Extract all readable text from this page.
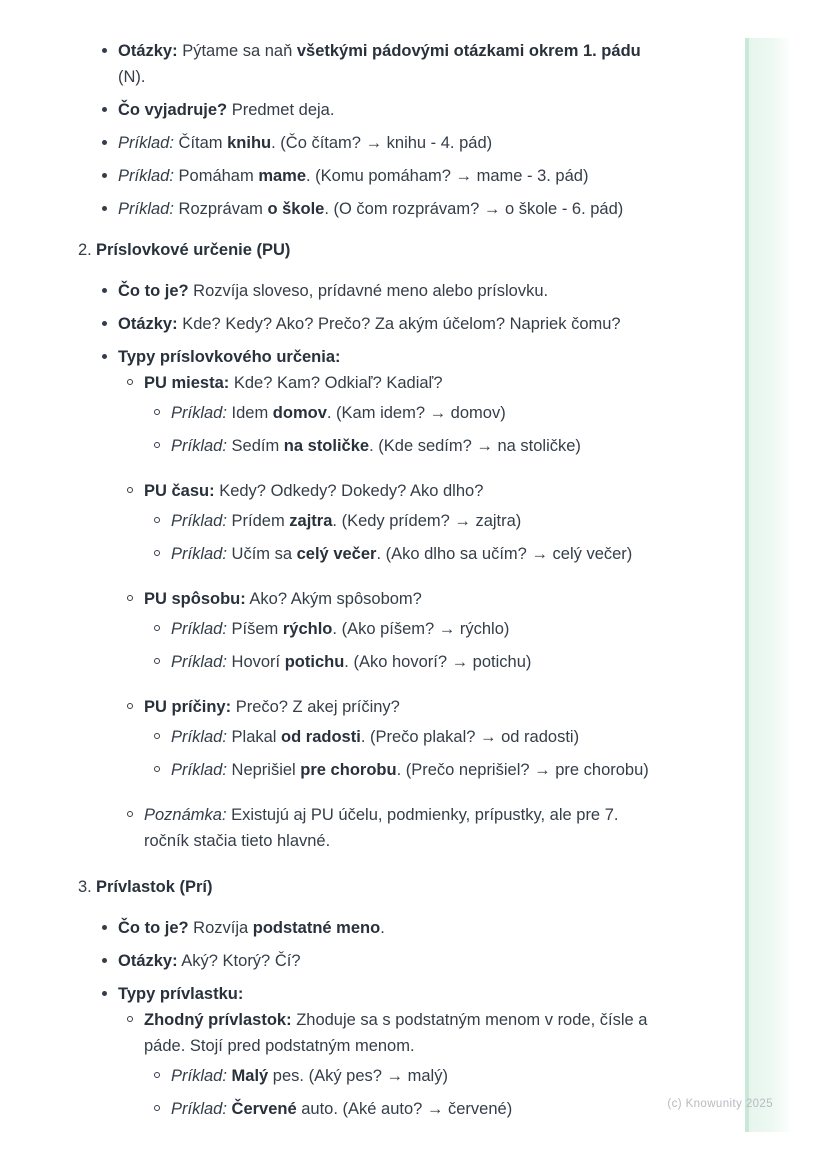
Otázky: Pýtame sa naň všetkými pádovými otázkami okrem 1. pádu
(N).
Čo vyjadruje? Predmet deja.
Príklad: Čítam knihu. (Čo čítam? → knihu - 4. pád)
Príklad: Pomáham mame. (Komu pomáham? → mame - 3. pád)
Príklad: Rozprávam o škole. (O čom rozprávam? → o škole - 6. pád)
2. Príslovkové určenie (PU)
Čo to je? Rozvíja sloveso, prídavné meno alebo príslovku.
Otázky: Kde? Kedy? Ako? Prečo? Za akým účelom? Napriek čomu?
Typy príslovkového určenia:
PU miesta: Kde? Kam? Odkiaľ? Kadiaľ?
Príklad: Idem domov. (Kam idem? → domov)
Príklad: Sedím na stoličke. (Kde sedím? → na stoličke)
PU času: Kedy? Odkedy? Dokedy? Ako dlho?
Príklad: Prídem zajtra. (Kedy prídem? → zajtra)
Príklad: Učím sa celý večer. (Ako dlho sa učím? → celý večer)
PU spôsobu: Ako? Akým spôsobom?
Príklad: Píšem rýchlo. (Ako píšem? → rýchlo)
Príklad: Hovorí potichu. (Ako hovorí? → potichu)
PU príčiny: Prečo? Z akej príčiny?
Príklad: Plakal od radosti. (Prečo plakal? → od radosti)
Príklad: Neprišiel pre chorobu. (Prečo neprišiel? → pre chorobu)
Poznámka: Existujú aj PU účelu, podmienky, prípustky, ale pre 7.
ročník stačia tieto hlavné.
3. Prívlastok (Prí)
Čo to je? Rozvíja podstatné meno.
Otázky: Aký? Ktorý? Čí?
Typy prívlastku:
Zhodný prívlastok: Zhoduje sa s podstatným menom v rode, čísle a
páde. Stojí pred podstatným menom.
Príklad: Malý pes. (Aký pes? → malý)
Príklad: Červené auto. (Aké auto? → červené)	(c) Knowunity 2025
